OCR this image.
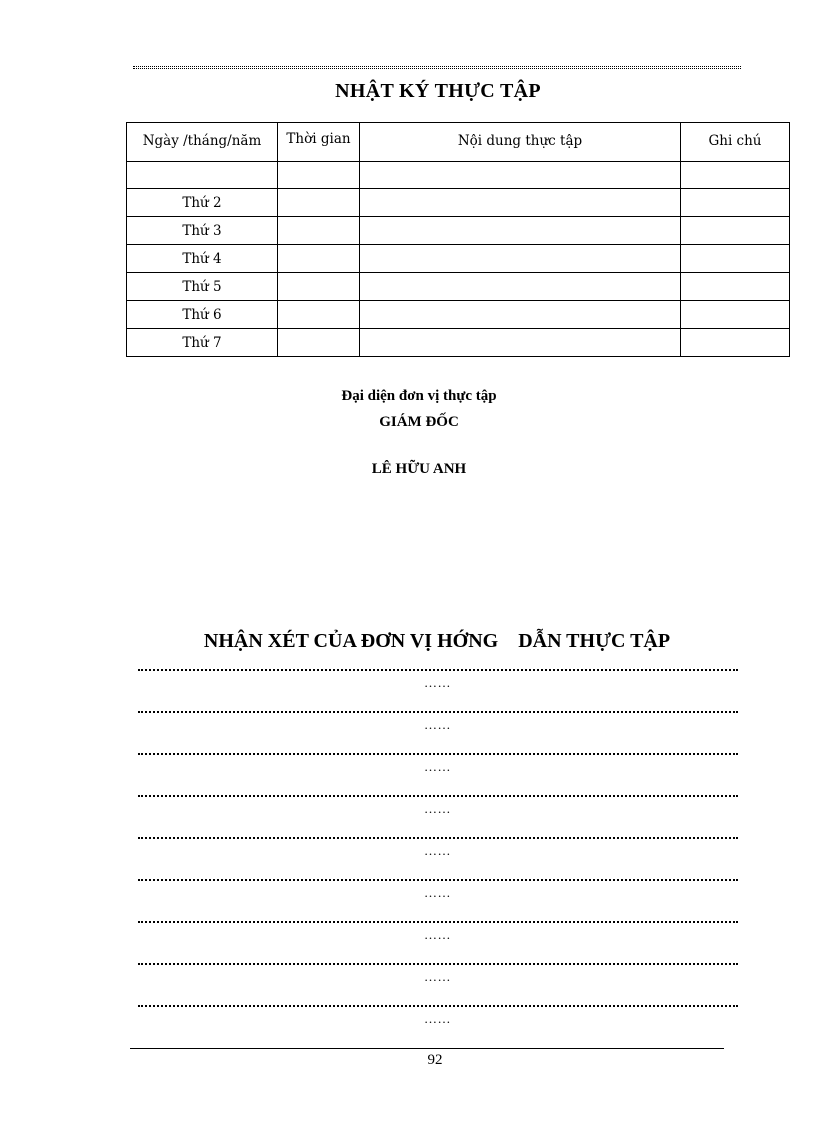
NHẬT KÝ THỰC TẬP
Ngày /tháng/năm	Thời gian	Nội dung thực tập	Ghi chú

Thứ 2			
Thứ 3			
Thứ 4			
Thứ 5			
Thứ 6			
Thứ 7			
Đại diện đơn vị thực tập
GIÁM ĐỐC
LÊ HỮU ANH
NHẬN XÉT CỦA ĐƠN VỊ HỚNG    DẪN THỰC TẬP
……
……
……
……
……
……
……
……
……
92
